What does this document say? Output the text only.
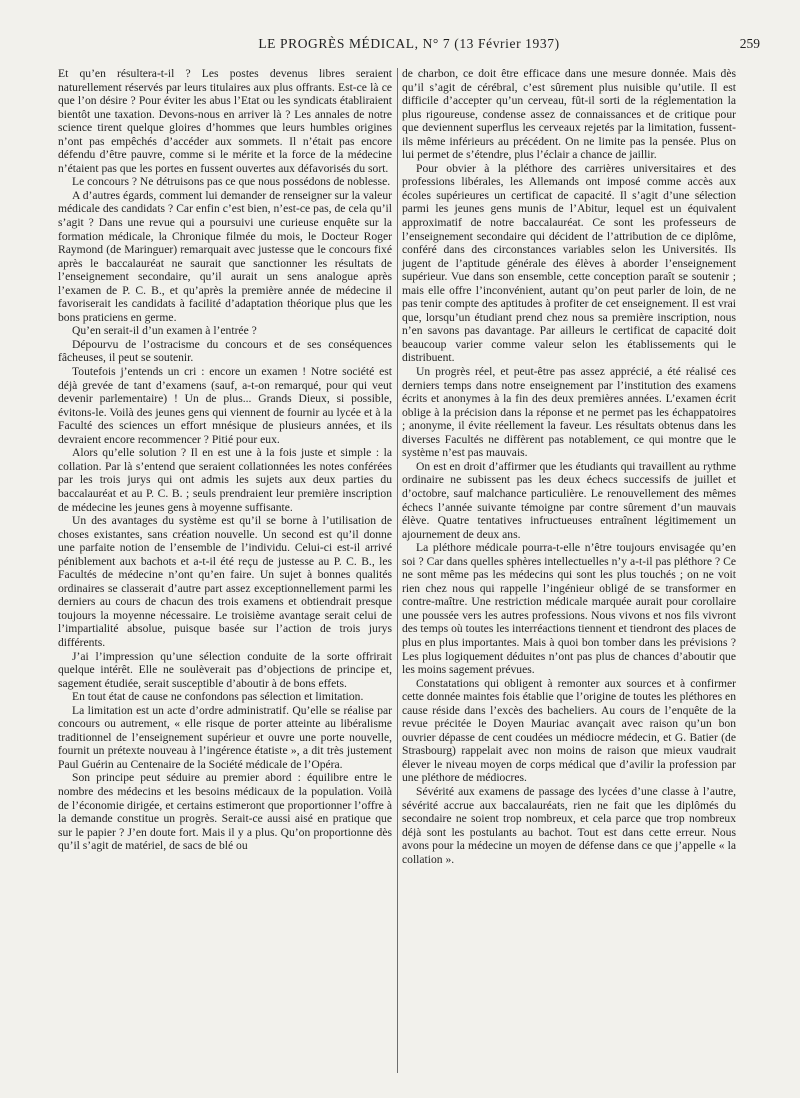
LE PROGRÈS MÉDICAL, N° 7 (13 Février 1937)	259

Et qu’en résultera-t-il ? Les postes devenus libres seraient naturellement réservés par leurs titulaires aux plus offrants. Est-ce là ce que l’on désire ? Pour éviter les abus l’Etat ou les syndicats établiraient bientôt une taxation. Devons-nous en arriver là ? Les annales de notre science tirent quelque gloires d’hommes que leurs humbles origines n’ont pas empêchés d’accéder aux sommets. Il n’était pas encore défendu d’être pauvre, comme si le mérite et la force de la médecine n’étaient pas que les portes en fussent ouvertes aux défavorisés du sort.

Le concours ? Ne détruisons pas ce que nous possédons de noblesse.

A d’autres égards, comment lui demander de renseigner sur la valeur médicale des candidats ? Car enfin c’est bien, n’est-ce pas, de cela qu’il s’agit ? Dans une revue qui a poursuivi une curieuse enquête sur la formation médicale, la Chronique filmée du mois, le Docteur Roger Raymond (de Maringuer) remarquait avec justesse que le concours fixé après le baccalauréat ne saurait que sanctionner les résultats de l’enseignement secondaire, qu’il aurait un sens analogue après l’examen de P. C. B., et qu’après la première année de médecine il favoriserait les candidats à facilité d’adaptation théorique plus que les bons praticiens en germe.

Qu’en serait-il d’un examen à l’entrée ?

Dépourvu de l’ostracisme du concours et de ses conséquences fâcheuses, il peut se soutenir.

Toutefois j’entends un cri : encore un examen ! Notre société est déjà grevée de tant d’examens (sauf, a-t-on remarqué, pour qui veut devenir parlementaire) ! Un de plus... Grands Dieux, si possible, évitons-le. Voilà des jeunes gens qui viennent de fournir au lycée et à la Faculté des sciences un effort mnésique de plusieurs années, et ils devraient encore recommencer ? Pitié pour eux.

Alors qu’elle solution ? Il en est une à la fois juste et simple : la collation. Par là s’entend que seraient collationnées les notes conférées par les trois jurys qui ont admis les sujets aux deux parties du baccalauréat et au P. C. B. ; seuls prendraient leur première inscription de médecine les jeunes gens à moyenne suffisante.

Un des avantages du système est qu’il se borne à l’utilisation de choses existantes, sans création nouvelle. Un second est qu’il donne une parfaite notion de l’ensemble de l’individu. Celui-ci est-il arrivé péniblement aux bachots et a-t-il été reçu de justesse au P. C. B., les Facultés de médecine n’ont qu’en faire. Un sujet à bonnes qualités ordinaires se classerait d’autre part assez exceptionnellement parmi les derniers au cours de chacun des trois examens et obtiendrait presque toujours la moyenne nécessaire. Le troisième avantage serait celui de l’impartialité absolue, puisque basée sur l’action de trois jurys différents.

J’ai l’impression qu’une sélection conduite de la sorte offrirait quelque intérêt. Elle ne soulèverait pas d’objections de principe et, sagement étudiée, serait susceptible d’aboutir à de bons effets.

En tout état de cause ne confondons pas sélection et limitation.

La limitation est un acte d’ordre administratif. Qu’elle se réalise par concours ou autrement, « elle risque de porter atteinte au libéralisme traditionnel de l’enseignement supérieur et ouvre une porte nouvelle, fournit un prétexte nouveau à l’ingérence étatiste », a dit très justement Paul Guérin au Centenaire de la Société médicale de l’Opéra.

Son principe peut séduire au premier abord : équilibre entre le nombre des médecins et les besoins médicaux de la population. Voilà de l’économie dirigée, et certains estimeront que proportionner l’offre à la demande constitue un progrès. Serait-ce aussi aisé en pratique que sur le papier ? J’en doute fort. Mais il y a plus. Qu’on proportionne dès qu’il s’agit de matériel, de sacs de blé ou

de charbon, ce doit être efficace dans une mesure donnée. Mais dès qu’il s’agit de cérébral, c’est sûrement plus nuisible qu’utile. Il est difficile d’accepter qu’un cerveau, fût-il sorti de la réglementation la plus rigoureuse, condense assez de connaissances et de critique pour que deviennent superflus les cerveaux rejetés par la limitation, fussent-ils même inférieurs au précédent. On ne limite pas la pensée. Plus on lui permet de s’étendre, plus l’éclair a chance de jaillir.

Pour obvier à la pléthore des carrières universitaires et des professions libérales, les Allemands ont imposé comme accès aux écoles supérieures un certificat de capacité. Il s’agit d’une sélection parmi les jeunes gens munis de l’Abitur, lequel est un équivalent approximatif de notre baccalauréat. Ce sont les professeurs de l’enseignement secondaire qui décident de l’attribution de ce diplôme, conféré dans des circonstances variables selon les Universités. Ils jugent de l’aptitude générale des élèves à aborder l’enseignement supérieur. Vue dans son ensemble, cette conception paraît se soutenir ; mais elle offre l’inconvénient, autant qu’on peut parler de loin, de ne pas tenir compte des aptitudes à profiter de cet enseignement. Il est vrai que, lorsqu’un étudiant prend chez nous sa première inscription, nous n’en savons pas davantage. Par ailleurs le certificat de capacité doit beaucoup varier comme valeur selon les établissements qui le distribuent.

Un progrès réel, et peut-être pas assez apprécié, a été réalisé ces derniers temps dans notre enseignement par l’institution des examens écrits et anonymes à la fin des deux premières années. L’examen écrit oblige à la précision dans la réponse et ne permet pas les échappatoires ; anonyme, il évite réellement la faveur. Les résultats obtenus dans les diverses Facultés ne diffèrent pas notablement, ce qui montre que le système n’est pas mauvais.

On est en droit d’affirmer que les étudiants qui travaillent au rythme ordinaire ne subissent pas les deux échecs successifs de juillet et d’octobre, sauf malchance particulière. Le renouvellement des mêmes échecs l’année suivante témoigne par contre sûrement d’un mauvais élève. Quatre tentatives infructueuses entraînent légitimement un ajournement de deux ans.

La pléthore médicale pourra-t-elle n’être toujours envisagée qu’en soi ? Car dans quelles sphères intellectuelles n’y a-t-il pas pléthore ? Ce ne sont même pas les médecins qui sont les plus touchés ; on ne voit rien chez nous qui rappelle l’ingénieur obligé de se transformer en contre-maître. Une restriction médicale marquée aurait pour corollaire une poussée vers les autres professions. Nous vivons et nos fils vivront des temps où toutes les interréactions tiennent et tiendront des places de plus en plus importantes. Mais à quoi bon tomber dans les prévisions ? Les plus logiquement déduites n’ont pas plus de chances d’aboutir que les moins sagement prévues.

Constatations qui obligent à remonter aux sources et à confirmer cette donnée maintes fois établie que l’origine de toutes les pléthores en cause réside dans l’excès des bacheliers. Au cours de l’enquête de la revue précitée le Doyen Mauriac avançait avec raison qu’un bon ouvrier dépasse de cent coudées un médiocre médecin, et G. Batier (de Strasbourg) rappelait avec non moins de raison que mieux vaudrait élever le niveau moyen de corps médical que d’avilir la profession par une pléthore de médiocres.

Sévérité aux examens de passage des lycées d’une classe à l’autre, sévérité accrue aux baccalauréats, rien ne fait que les diplômés du secondaire ne soient trop nombreux, et cela parce que trop nombreux déjà sont les postulants au bachot. Tout est dans cette erreur. Nous avons pour la médecine un moyen de défense dans ce que j’appelle « la collation ».
